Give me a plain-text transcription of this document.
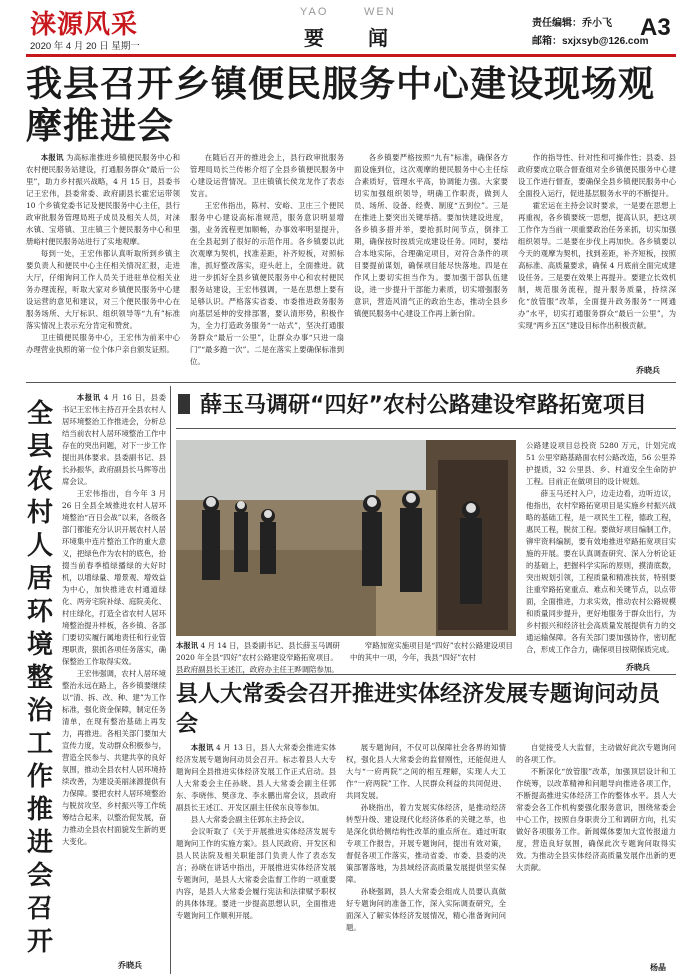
涞源风采
2020 年 4 月 20 日 星期一
YAO	WEN
要 闻
责任编辑：乔小飞
邮箱：sxjxsyb@126.com
A3
我县召开乡镇便民服务中心建设现场观摩推进会

本报讯 为高标准推进乡镇便民服务中心和农村便民服务站建设，打通服务群众“最后一公里”，助力乡村振兴战略，4 月 15 日，县委书记王宏伟，县委常委、政府副县长霍宏运带领 10 个乡镇党委书记及便民服务中心主任，县行政审批服务管理局班子成员及相关人员，对涞水镇、宝塔镇、卫庄镇三个便民服务中心和里册峪村便民服务站进行了实地观摩。

每到一处，王宏伟都认真听取所到乡镇主要负责人和便民中心主任相关情况汇报，走进大厅，仔细询问工作人员关于进驻单位相关业务办理流程，听取大家对乡镇便民服务中心建设运营的意见和建议，对三个便民服务中心在服务场所、大厅标识、组织领导等“九有”标准落实情况上表示充分肯定和赞赏。

卫庄镇便民服务中心，王宏伟为前来中心办理营业执照的第一位个体户亲自颁发证照。

在随后召开的推进会上，县行政审批服务管理局局长兰传彬介绍了全县乡镇便民服务中心建设运营情况。卫庄镇镇长侯龙龙作了表态发言。

王宏伟指出，陈村、安峪、卫庄三个便民服务中心建设高标准规范，服务意识明显增强，业务流程更加顺畅，办事效率明显提升，在全县起到了很好的示范作用。各乡镇要以此次观摩为契机，找准差距，补齐短板，对照标准，抓好整改落实，迎头赶上，全面推进。就进一步抓好全县乡镇便民服务中心和农村便民服务站建设，王宏伟强调，一是在思想上要有足够认识。严格落实省委、市委推进政务服务向基层延伸的安排部署，要认清形势，积极作为，全力打造政务服务“一站式”，坚决打通服务群众“最后一公里”，让群众办事“只进一扇门”“最多跑一次”。二是在落实上要确保标准到位。

各乡镇要严格按照“九有”标准，确保各方面设施到位，这次观摩的便民服务中心主任综合素质好，管理水平高，协调能力强。大家要切实加强组织领导，明确工作职责，做到人员、场所、设备、经费、制度“五到位”。三是在推进上要突出关键举措。要加快建设进度，各乡镇多措并举，要抢抓时间节点，倒排工期，确保按时按质完成建设任务。同时，要结合本地实际，合理确定项目，对符合条件的项目要提前谋划，确保项目能尽快落地。四是在作风上要切实担当作为。要加强干部队伍建设，进一步提升干部能力素质，切实增强服务意识，营造风清气正的政治生态，推动全县乡镇便民服务中心建设工作再上新台阶。

作的指导性、针对性和可操作性；县委、县政府要成立联合督查组对全乡镇便民服务中心建设工作进行督查，要确保全县乡镇便民服务中心全面投入运行，促进基层服务水平的不断提升。

霍宏运在主持会议时要求，一是要在思想上再重视，各乡镇要统一思想，提高认识，把这项工作作为当前一项重要政治任务来抓，切实加强组织领导。二是要在步伐上再加快。各乡镇要以今天的观摩为契机，找到差距，补齐短板，按照高标准、高质量要求，确保 4 月底前全面完成建设任务。三是要在效果上再提升。要建立长效机制，规范服务流程，提升服务质量，持续深化“放管服”改革，全面提升政务服务“一网通办”水平，切实打通服务群众“最后一公里”，为实现“两乡五区”建设目标作出积极贡献。

乔晓兵
全县农村人居环境整治工作推进会召开

本报讯 4 月 16 日，县委书记王宏伟主持召开全县农村人居环境整治工作推进会，分析总结当前农村人居环境整治工作中存在的突出问题，对下一步工作提出具体要求。县委副书记、县长孙振华，政府副县长马辉等出席会议。

王宏伟指出，自今年 3 月 26 日全县全域推进农村人居环境整治“百日会战”以来，各级各部门都能充分认识开展农村人居环境集中连片整治工作的重大意义，把绿色作为农村的底色，拾掇当前春季植绿播绿的大好时机，以增绿量、增景观、增效益为中心，加快推进农村通道绿化、两旁宅院补绿、庭院美化、村庄绿化，打造全省农村人居环境整治提升样板，各乡镇、各部门要切实履行属地责任和行业管理职责，狠抓各项任务落实，确保整治工作取得实效。

王宏伟强调，农村人居环境整治永远在路上，各乡镇要继续以“清、拆、改、种、建”为工作标准，强化资金保障，制定任务清单，在现有整治基础上再发力，再推进。各相关部门要加大宣传力度，发动群众积极参与，营造全民参与、共建共享的良好氛围，推动全县农村人居环境持续改善，为建设美丽涞源提供有力保障。要把农村人居环境整治与脱贫攻坚、乡村振兴等工作统筹结合起来，以整治促发展，奋力推动全县农村面貌发生新的更大变化。

乔晓兵
薛玉马调研“四好”农村公路建设窄路拓宽项目

公路建设项目总投资 5280 万元，计划完成 51 公里窄路基路面农村公路改造，56 公里养护提质，32 公里县、乡、村道安全生命防护工程。目前正在做项目的设计规划。

薛玉马还村入户，边走边看，边听边议，他指出，农村窄路拓宽项目是实施乡村振兴战略的基础工程，是一项民生工程，德政工程，惠民工程，脱贫工程。要做好项目编制工作，铆牢资料编制，要有效地推进窄路拓宽项目实施的开展。要在认真调查研究、深入分析论证的基础上，把握科学实际的原则，摸清底数，突出规划引领，工程质量和精准扶贫，特别要注重窄路拓宽重点、难点和关键节点，以点带面，全面推进，力求实效，推动农村公路规模和质量同步提升，更好地服务于群众出行，为乡村振兴和经济社会高质量发展提供有力的交通运输保障。各有关部门要加强协作，密切配合，形成工作合力，确保项目按期保质完成。

本报讯 4 月 14 日，县委副书记、县长薛玉马调研 2020 年全县“四好”农村公路建设窄路拓宽项目。县政府副县长王述江，政府办主任王晔调陪参加。
窄路加宽实施项目是“四好”农村公路建设项目中的其中一项，今年，我县“四好”农村
乔晓兵
县人大常委会召开推进实体经济发展专题询问动员会

本报讯 4 月 13 日，县人大常委会推进实体经济发展专题询问动员会召开。标志着县人大专题询问全县推进实体经济发展工作正式启动。县人大常委会主任孙晓、县人大常委会副主任郭东、李晓伟、樊彦龙、李永鹏出席会议，县政府副县长王述江、开发区副主任侯东良等参加。

县人大常委会副主任郭东主持会议。

会议听取了《关于开展推进实体经济发展专题询问工作的实施方案》。县人民政府、开发区和县人民法院及相关职能部门负责人作了表态发言；孙晓在讲话中指出，开展推进实体经济发展专题询问，是县人大常委会监督工作的一项重要内容，是县人大常委会履行宪法和法律赋予职权的具体体现。要进一步提高思想认识，全面推进专题询问工作顺利开展。

展专题询问，不仅可以保障社会各界的知情权，强化县人大常委会的监督刚性，还能促进人大与“一府两院”之间的相互理解，实现人大工作“一府两院”工作、人民群众利益的共同促进、共同发展。

孙晓指出，着力发展实体经济，是推动经济转型升级、建设现代化经济体系的关键之举，也是深化供给侧结构性改革的重点所在。通过听取专项工作报告，开展专题询问，提出有效对策，督促各项工作落实，推动省委、市委、县委的决策部署落地，为县域经济高质量发展提供坚实保障。

孙晓强调，县人大常委会组成人员要认真做好专题询问的准备工作，深入实际调查研究，全面深入了解实体经济发展情况，精心准备询问问题。

自觉接受人大监督，主动做好此次专题询问的各项工作。

不断深化“放管服”改革，加强顶层设计和工作统筹，以改革精神和问题导向推进各项工作，不断提高推进实体经济工作的整体水平。县人大常委会各工作机构要强化服务意识，围绕常委会中心工作，按照自身职责分工和调研方向，扎实做好各项服务工作。新闻媒体要加大宣传报道力度，营造良好氛围，确保此次专题询问取得实效。为推动全县实体经济高质量发展作出新的更大贡献。

杨晶
